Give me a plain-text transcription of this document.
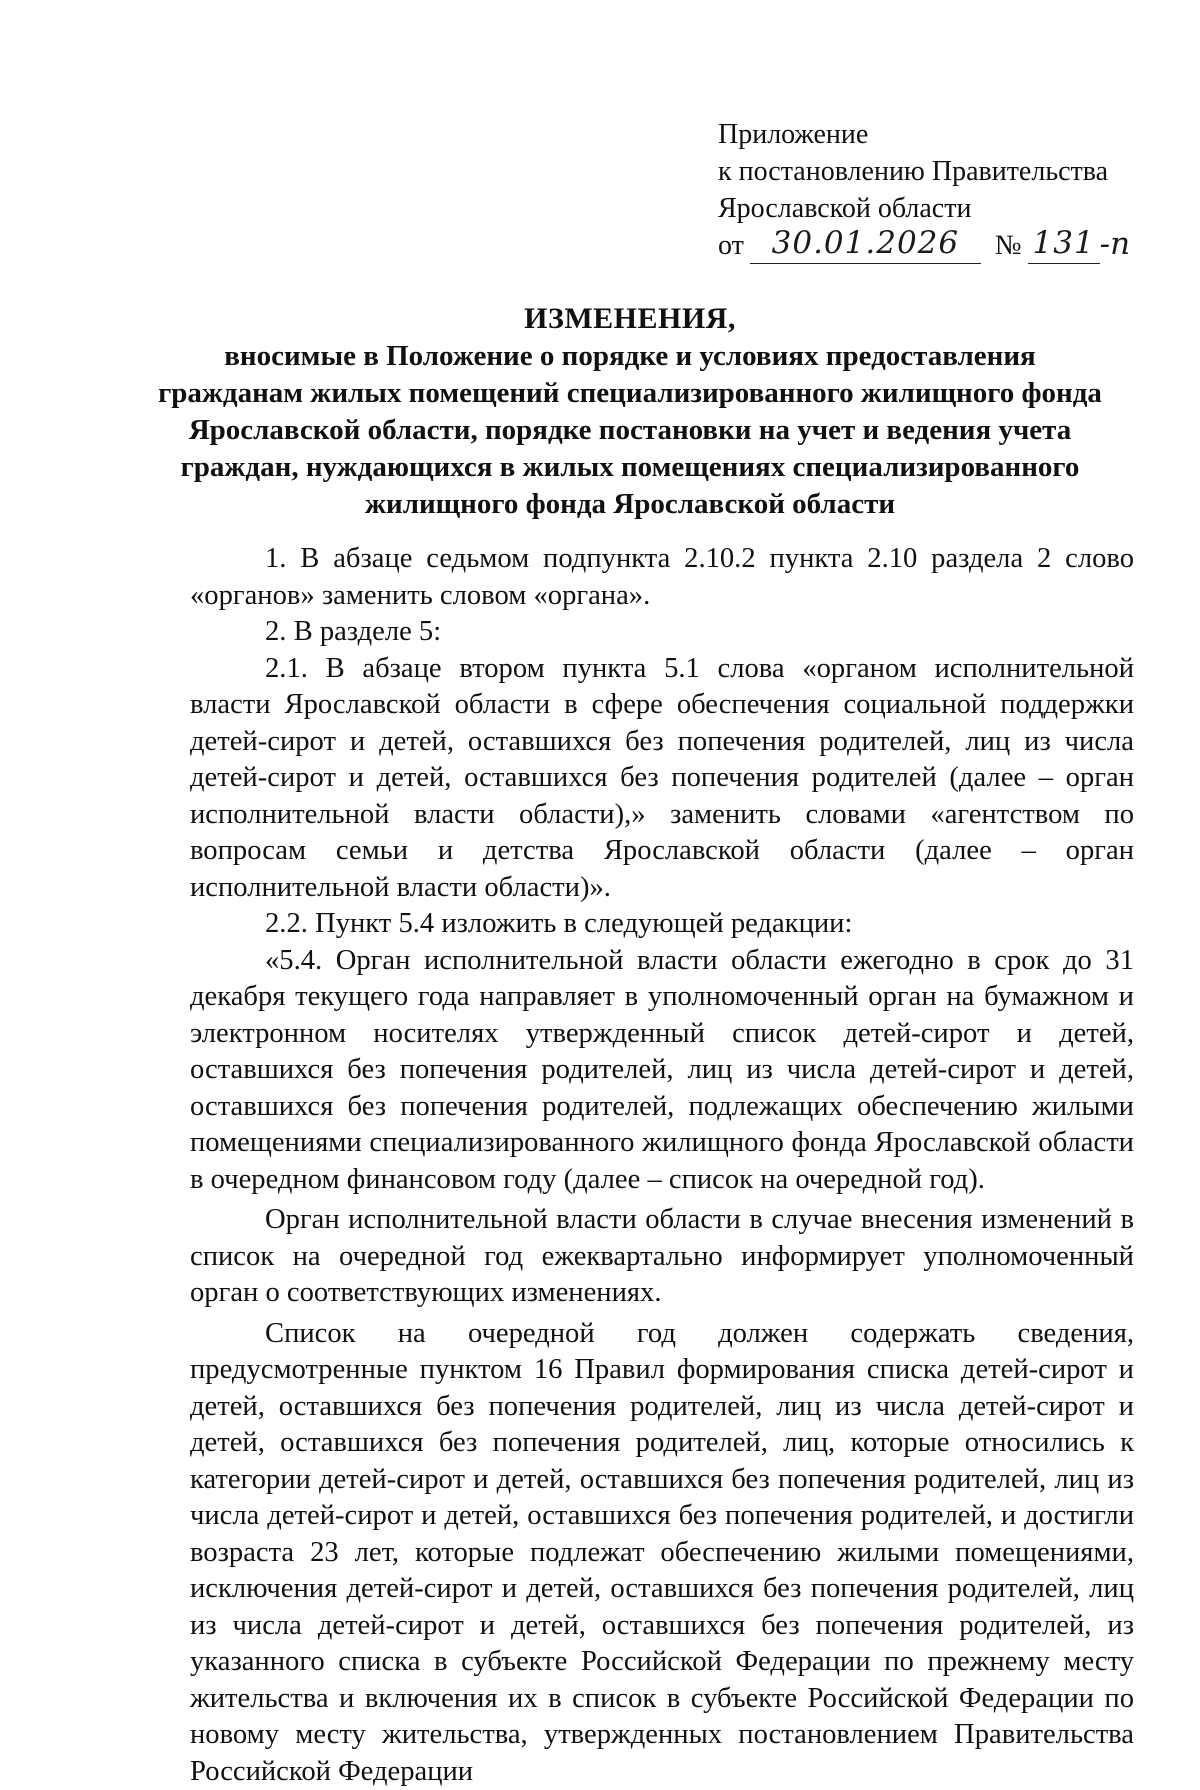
Приложение
к постановлению Правительства
Ярославской области
от 30.01.2026	№ 131 -п
ИЗМЕНЕНИЯ,
вносимые в Положение о порядке и условиях предоставления гражданам жилых помещений специализированного жилищного фонда Ярославской области, порядке постановки на учет и ведения учета граждан, нуждающихся в жилых помещениях специализированного жилищного фонда Ярославской области

1. В абзаце седьмом подпункта 2.10.2 пункта 2.10 раздела 2 слово «органов» заменить словом «органа».

2. В разделе 5:

2.1. В абзаце втором пункта 5.1 слова «органом исполнительной власти Ярославской области в сфере обеспечения социальной поддержки детей-сирот и детей, оставшихся без попечения родителей, лиц из числа детей-сирот и детей, оставшихся без попечения родителей (далее – орган исполнительной власти области),» заменить словами «агентством по вопросам семьи и детства Ярославской области (далее – орган исполнительной власти области)».

2.2. Пункт 5.4 изложить в следующей редакции:

«5.4. Орган исполнительной власти области ежегодно в срок до 31 декабря текущего года направляет в уполномоченный орган на бумажном и электронном носителях утвержденный список детей-сирот и детей, оставшихся без попечения родителей, лиц из числа детей-сирот и детей, оставшихся без попечения родителей, подлежащих обеспечению жилыми помещениями специализированного жилищного фонда Ярославской области в очередном финансовом году (далее – список на очередной год).

Орган исполнительной власти области в случае внесения изменений в список на очередной год ежеквартально информирует уполномоченный орган о соответствующих изменениях.

Список на очередной год должен содержать сведения, предусмотренные пунктом 16 Правил формирования списка детей-сирот и детей, оставшихся без попечения родителей, лиц из числа детей-сирот и детей, оставшихся без попечения родителей, лиц, которые относились к категории детей-сирот и детей, оставшихся без попечения родителей, лиц из числа детей-сирот и детей, оставшихся без попечения родителей, и достигли возраста 23 лет, которые подлежат обеспечению жилыми помещениями, исключения детей-сирот и детей, оставшихся без попечения родителей, лиц из числа детей-сирот и детей, оставшихся без попечения родителей, из указанного списка в субъекте Российской Федерации по прежнему месту жительства и включения их в список в субъекте Российской Федерации по новому месту жительства, утвержденных постановлением Правительства Российской Федерации
